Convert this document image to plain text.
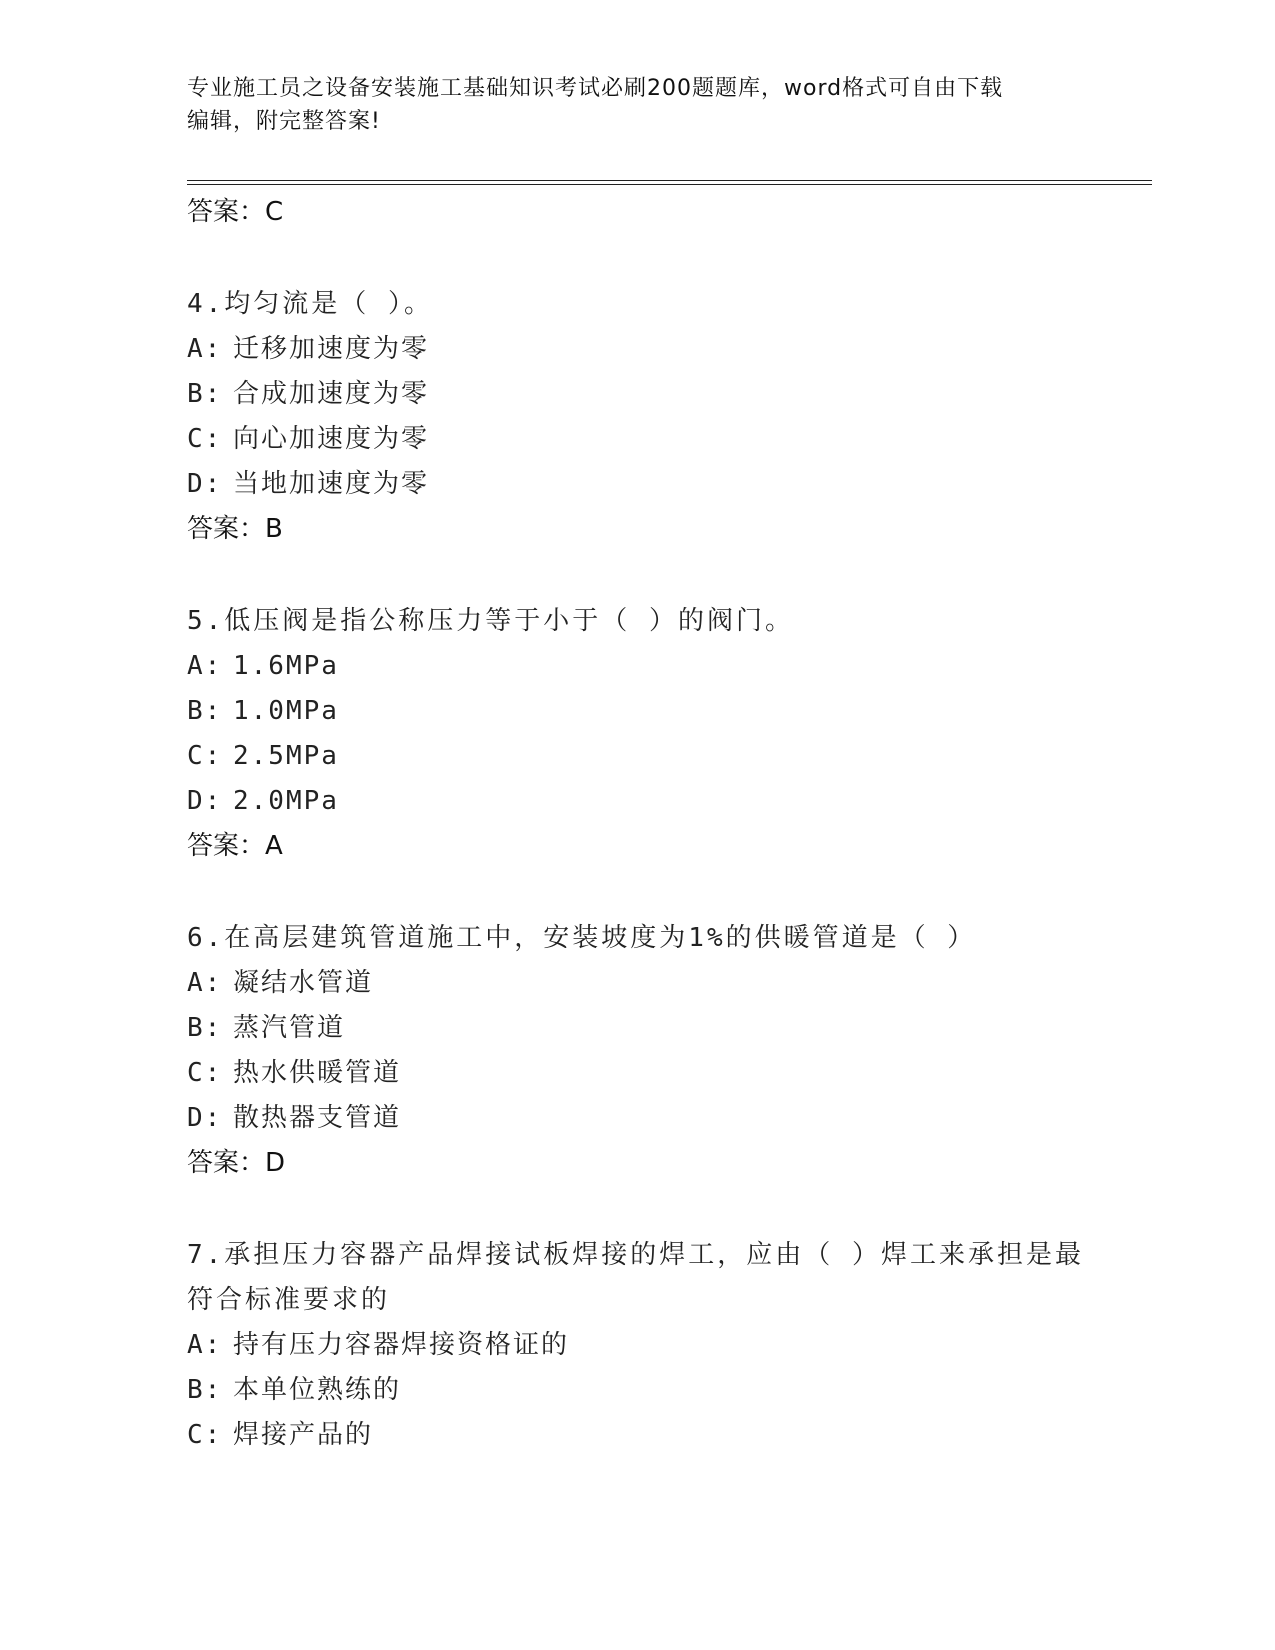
专业施工员之设备安装施工基础知识考试必刷200题题库，word格式可自由下载
编辑，附完整答案!

答案：C

4.均匀流是（ ）。

A: 迁移加速度为零

B: 合成加速度为零

C: 向心加速度为零

D: 当地加速度为零

答案：B

5.低压阀是指公称压力等于小于（ ）的阀门。

A: 1.6MPa

B: 1.0MPa

C: 2.5MPa

D: 2.0MPa

答案：A

6.在高层建筑管道施工中，安装坡度为1%的供暖管道是（ ）

A: 凝结水管道

B: 蒸汽管道

C: 热水供暖管道

D: 散热器支管道

答案：D

7.承担压力容器产品焊接试板焊接的焊工，应由（ ）焊工来承担是最

符合标准要求的

A: 持有压力容器焊接资格证的

B: 本单位熟练的

C: 焊接产品的
